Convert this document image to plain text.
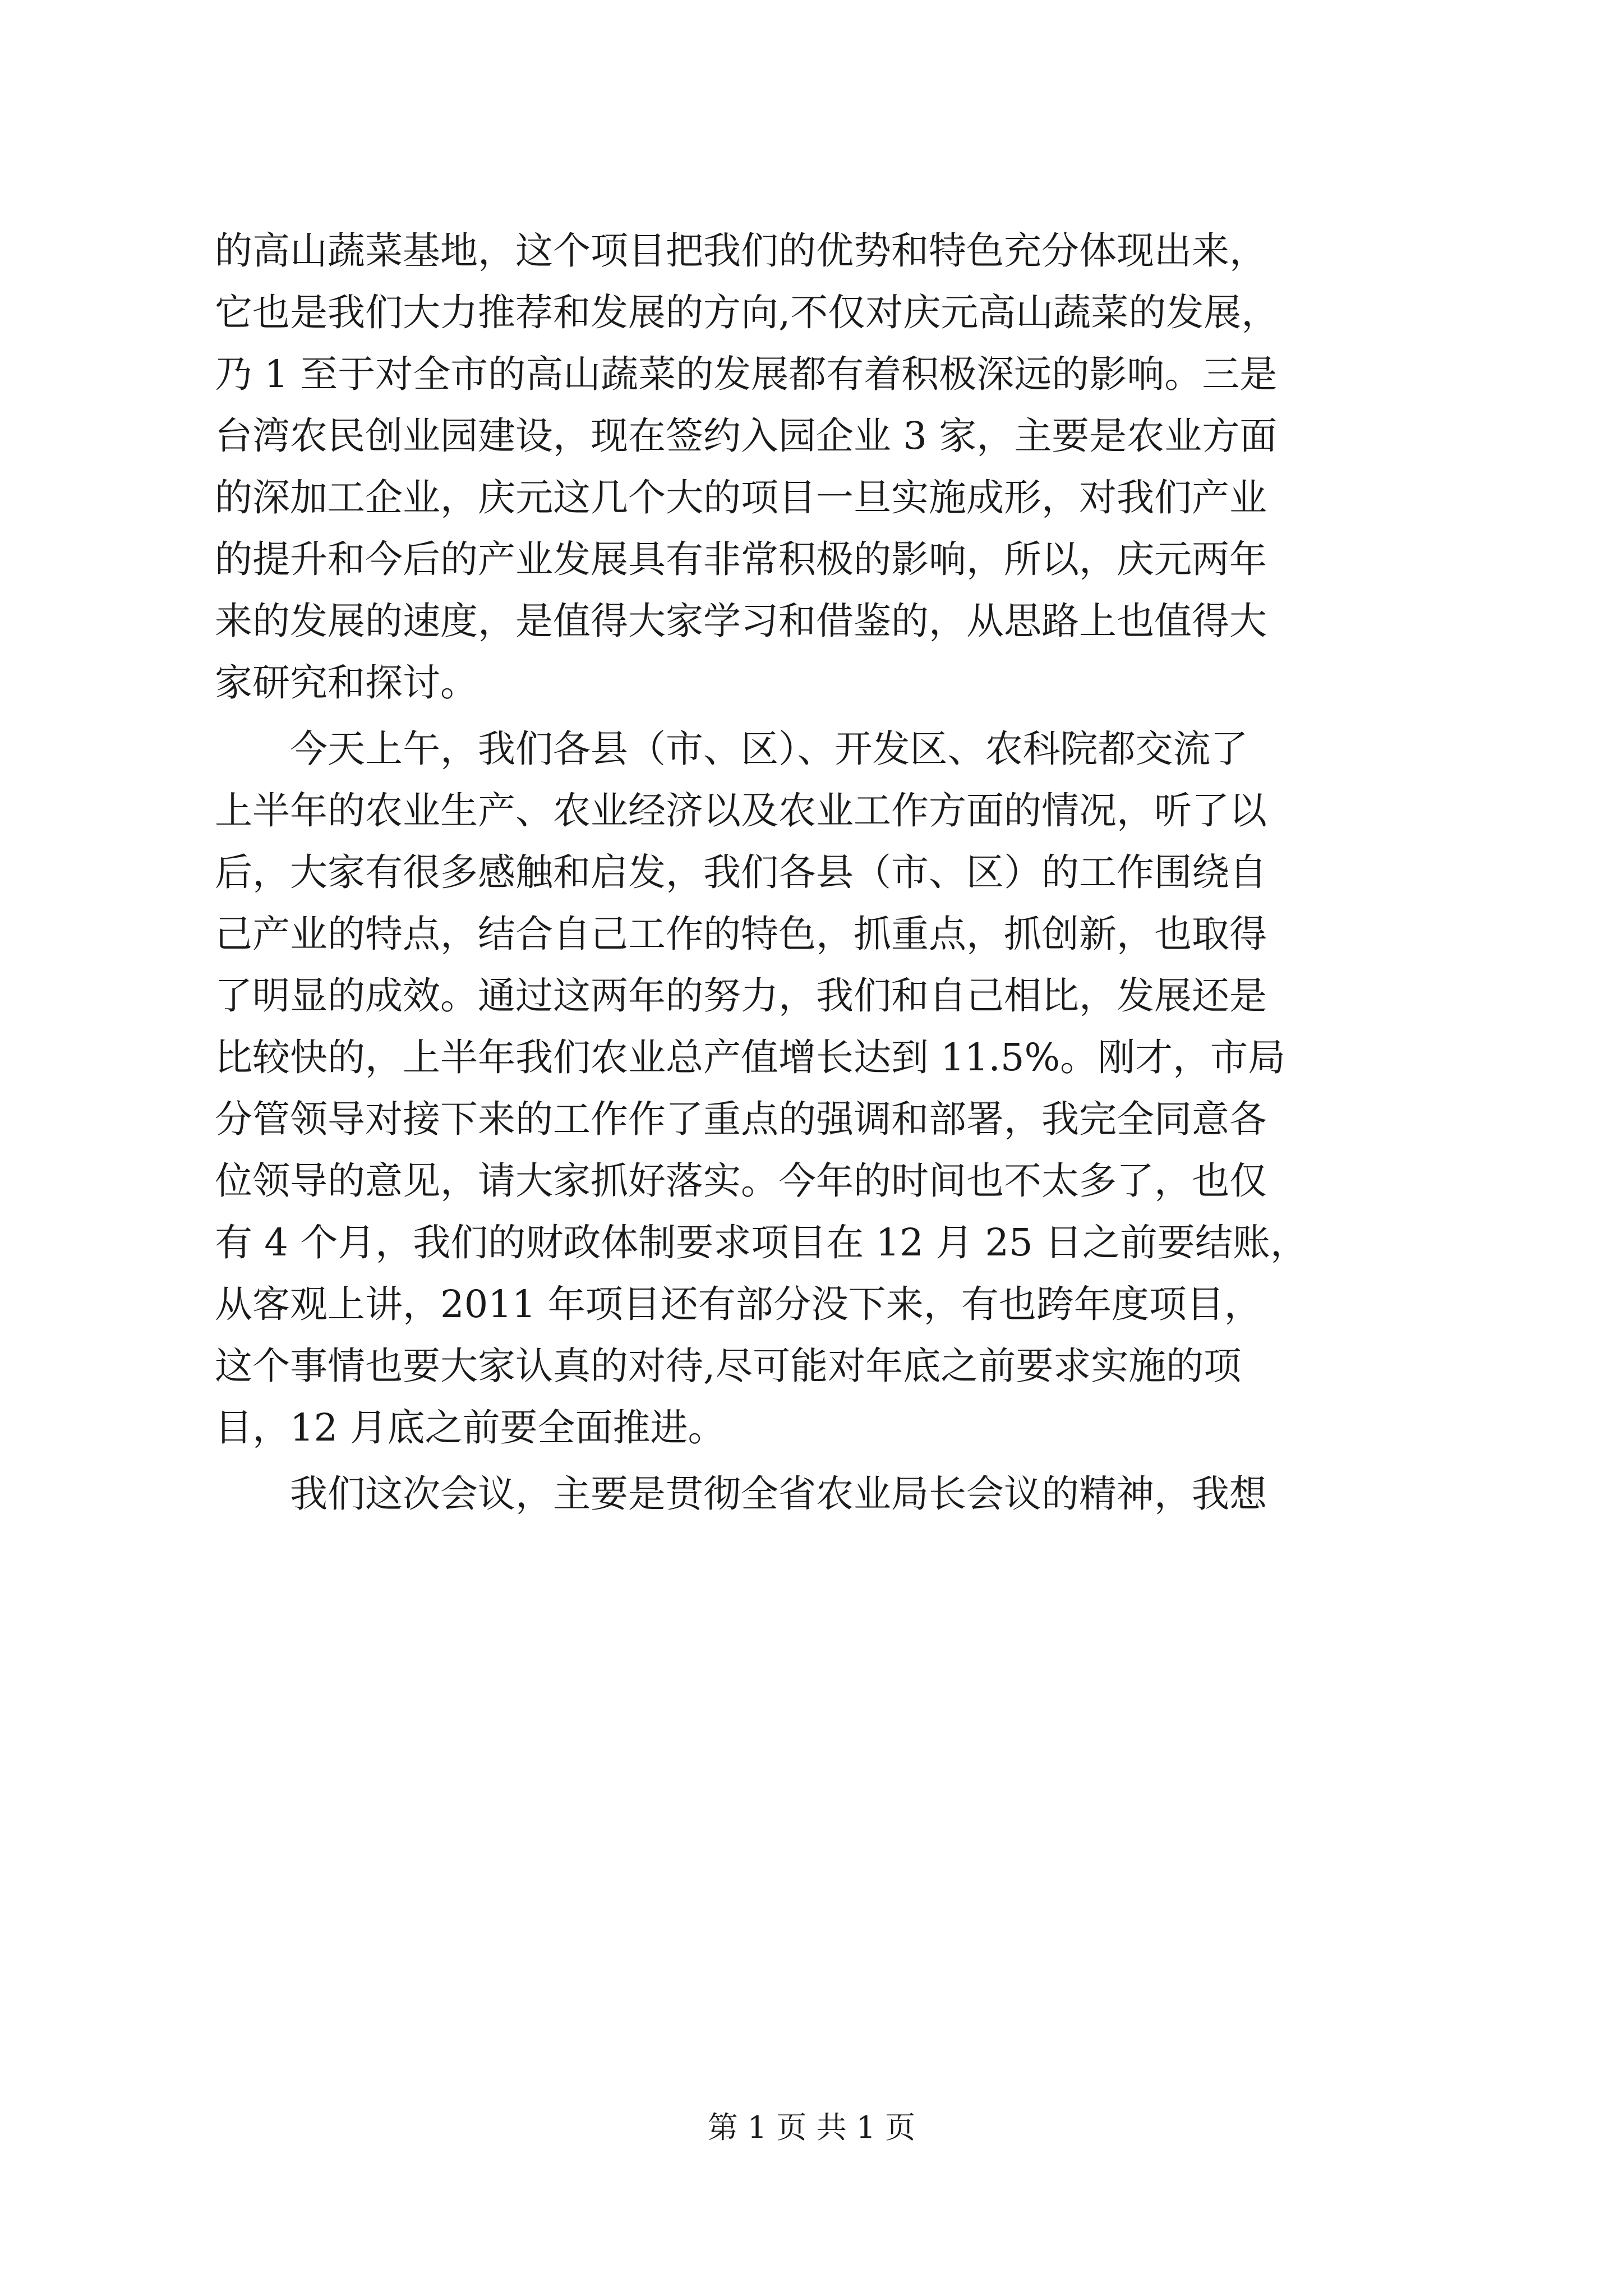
的高山蔬菜基地，这个项目把我们的优势和特色充分体现出来，
它也是我们大力推荐和发展的方向,不仅对庆元高山蔬菜的发展，
乃 1 至于对全市的高山蔬菜的发展都有着积极深远的影响。三是
台湾农民创业园建设，现在签约入园企业 3 家，主要是农业方面
的深加工企业，庆元这几个大的项目一旦实施成形，对我们产业
的提升和今后的产业发展具有非常积极的影响，所以，庆元两年
来的发展的速度，是值得大家学习和借鉴的，从思路上也值得大
家研究和探讨。
今天上午，我们各县（市、区）、开发区、农科院都交流了
上半年的农业生产、农业经济以及农业工作方面的情况，听了以
后，大家有很多感触和启发，我们各县（市、区）的工作围绕自
己产业的特点，结合自己工作的特色，抓重点，抓创新，也取得
了明显的成效。通过这两年的努力，我们和自己相比，发展还是
比较快的，上半年我们农业总产值增长达到 11.5%。刚才，市局
分管领导对接下来的工作作了重点的强调和部署，我完全同意各
位领导的意见，请大家抓好落实。今年的时间也不太多了，也仅
有 4 个月，我们的财政体制要求项目在 12 月 25 日之前要结账，
从客观上讲，2011 年项目还有部分没下来，有也跨年度项目，
这个事情也要大家认真的对待,尽可能对年底之前要求实施的项
目，12 月底之前要全面推进。
我们这次会议，主要是贯彻全省农业局长会议的精神，我想
第 1 页 共 1 页
